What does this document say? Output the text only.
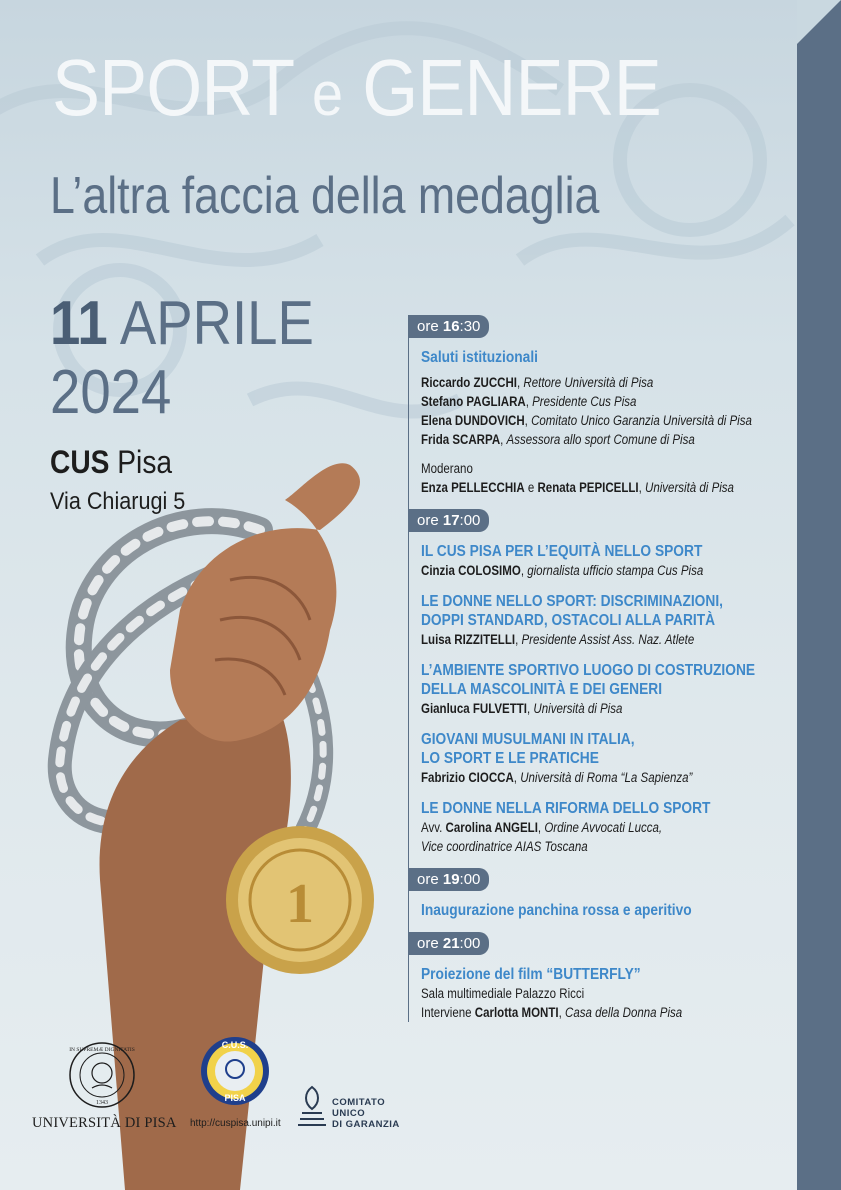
SPORT e GENERE
L’altra faccia della medaglia
11 APRILE
2024
CUS Pisa
Via Chiarugi 5
1
ore 16:30
Saluti istituzionali
Riccardo ZUCCHI, Rettore Università di Pisa
Stefano PAGLIARA, Presidente Cus Pisa
Elena DUNDOVICH, Comitato Unico Garanzia Università di Pisa
Frida SCARPA, Assessora allo sport Comune di Pisa
Moderano
Enza PELLECCHIA e Renata PEPICELLI, Università di Pisa
ore 17:00
IL CUS PISA PER L’EQUITÀ NELLO SPORT
Cinzia COLOSIMO, giornalista ufficio stampa Cus Pisa
LE DONNE NELLO SPORT: DISCRIMINAZIONI,
DOPPI STANDARD, OSTACOLI ALLA PARITÀ
Luisa RIZZITELLI, Presidente Assist Ass. Naz. Atlete
L’AMBIENTE SPORTIVO LUOGO DI COSTRUZIONE
DELLA MASCOLINITÀ E DEI GENERI
Gianluca FULVETTI, Università di Pisa
GIOVANI MUSULMANI IN ITALIA,
LO SPORT E LE PRATICHE
Fabrizio CIOCCA, Università di Roma “La Sapienza”
LE DONNE NELLA RIFORMA DELLO SPORT
Avv. Carolina ANGELI, Ordine Avvocati Lucca,
Vice coordinatrice AIAS Toscana
ore 19:00
Inaugurazione panchina rossa e aperitivo
ore 21:00
Proiezione del film “BUTTERFLY”
Sala multimediale Palazzo Ricci
Interviene Carlotta MONTI, Casa della Donna Pisa
IN SUPREMÆ DIGNITATIS
1343
UNIVERSITÀ DI PISA
C.U.S.
PISA
http://cuspisa.unipi.it
COMITATO
UNICO
DI GARANZIA
